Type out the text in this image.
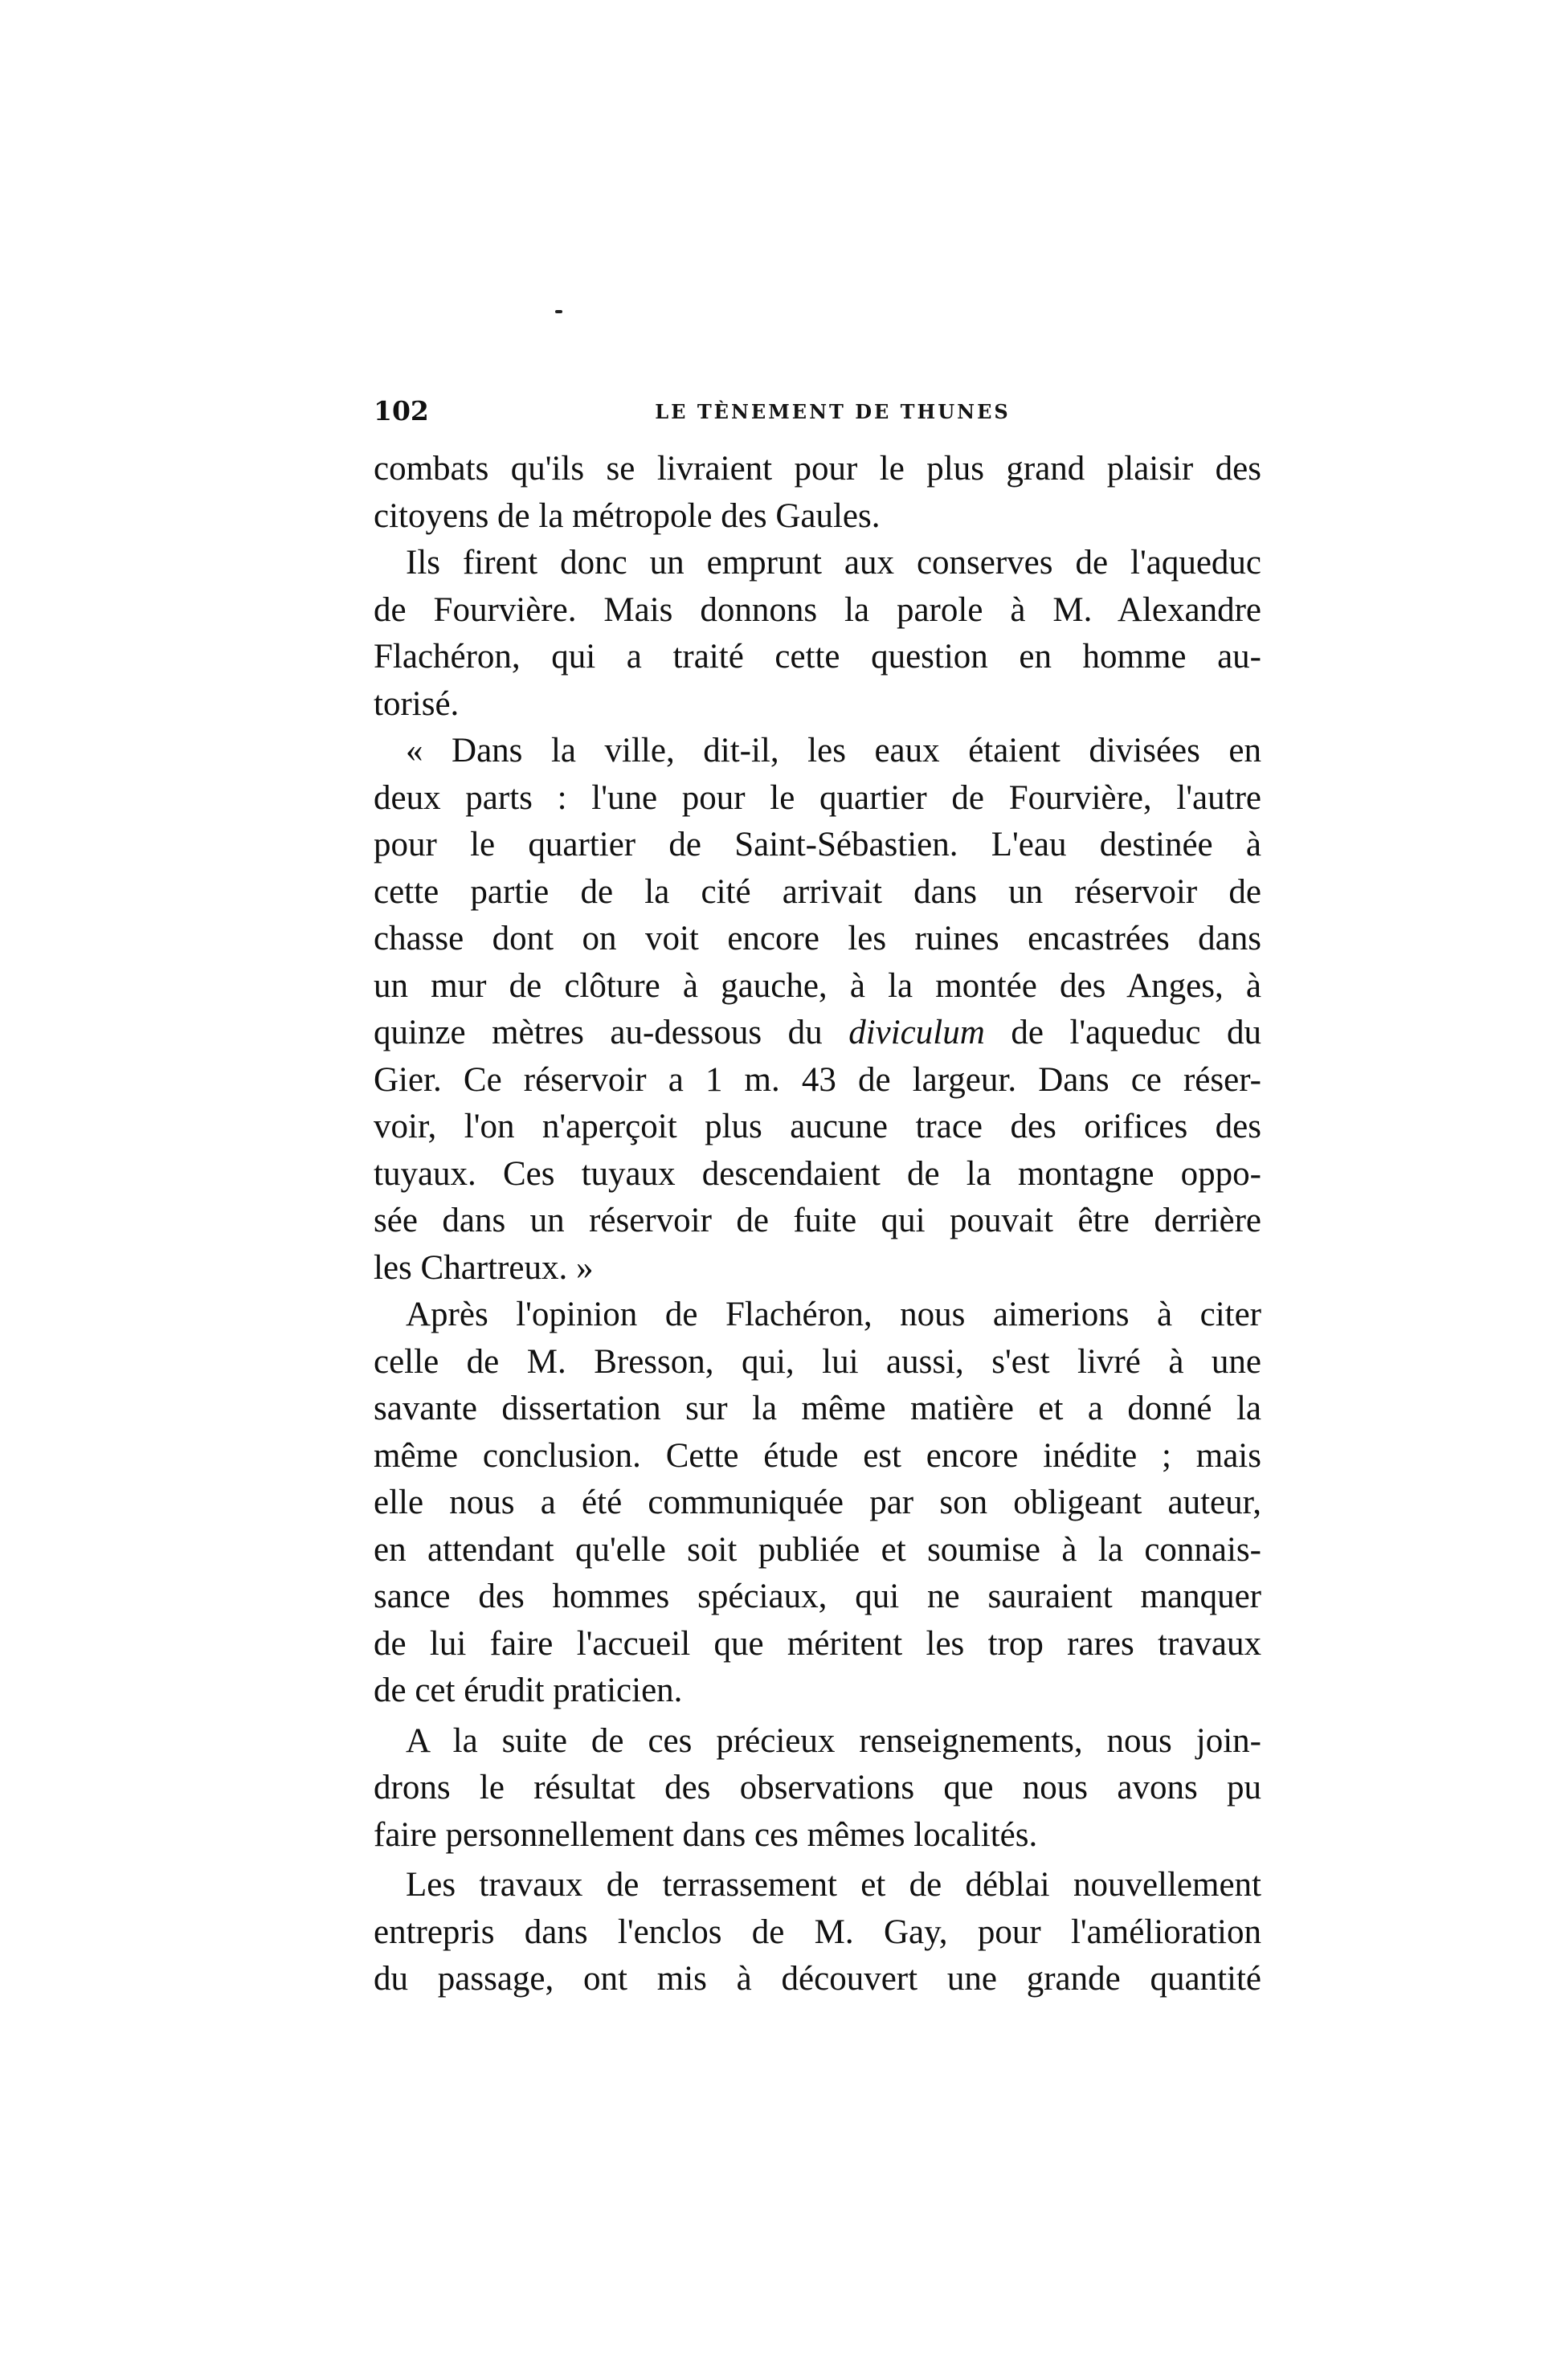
102	LE TÈNEMENT DE THUNES
combats qu'ils se livraient pour le plus grand plaisir des
citoyens de la métropole des Gaules.
Ils firent donc un emprunt aux conserves de l'aqueduc
de Fourvière. Mais donnons la parole à M. Alexandre
Flachéron, qui a traité cette question en homme au-
torisé.
« Dans la ville, dit-il, les eaux étaient divisées en
deux parts : l'une pour le quartier de Fourvière, l'autre
pour le quartier de Saint-Sébastien. L'eau destinée à
cette partie de la cité arrivait dans un réservoir de
chasse dont on voit encore les ruines encastrées dans
un mur de clôture à gauche, à la montée des Anges, à
quinze mètres au-dessous du diviculum de l'aqueduc du
Gier. Ce réservoir a 1 m. 43 de largeur. Dans ce réser-
voir, l'on n'aperçoit plus aucune trace des orifices des
tuyaux. Ces tuyaux descendaient de la montagne oppo-
sée dans un réservoir de fuite qui pouvait être derrière
les Chartreux. »
Après l'opinion de Flachéron, nous aimerions à citer
celle de M. Bresson, qui, lui aussi, s'est livré à une
savante dissertation sur la même matière et a donné la
même conclusion. Cette étude est encore inédite ; mais
elle nous a été communiquée par son obligeant auteur,
en attendant qu'elle soit publiée et soumise à la connais-
sance des hommes spéciaux, qui ne sauraient manquer
de lui faire l'accueil que méritent les trop rares travaux
de cet érudit praticien.
A la suite de ces précieux renseignements, nous join-
drons le résultat des observations que nous avons pu
faire personnellement dans ces mêmes localités.
Les travaux de terrassement et de déblai nouvellement
entrepris dans l'enclos de M. Gay, pour l'amélioration
du passage, ont mis à découvert une grande quantité
